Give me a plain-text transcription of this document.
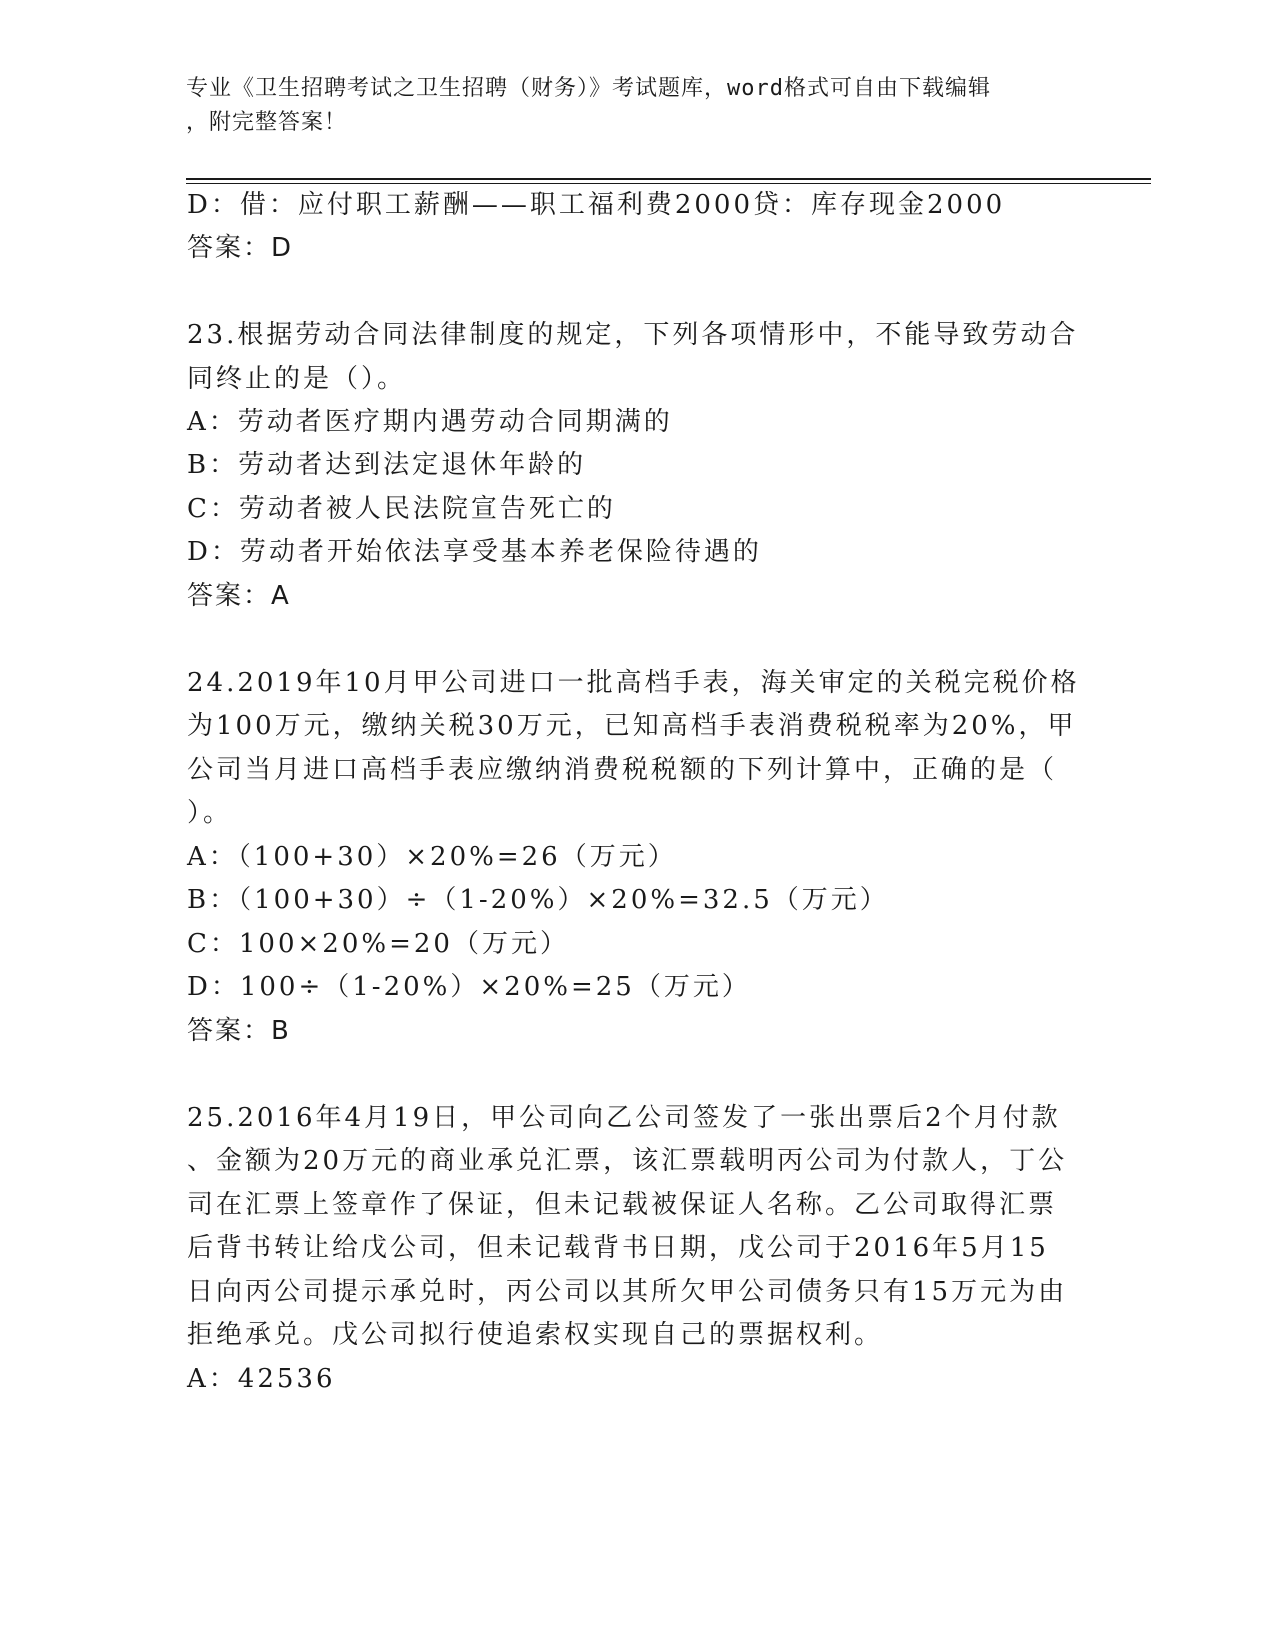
专业《卫生招聘考试之卫生招聘（财务）》考试题库，word格式可自由下载编辑
，附完整答案！
D：借：应付职工薪酬——职工福利费2000贷：库存现金2000
答案：D
23.根据劳动合同法律制度的规定，下列各项情形中，不能导致劳动合
同终止的是（）。
A：劳动者医疗期内遇劳动合同期满的
B：劳动者达到法定退休年龄的
C：劳动者被人民法院宣告死亡的
D：劳动者开始依法享受基本养老保险待遇的
答案：A
24.2019年10月甲公司进口一批高档手表，海关审定的关税完税价格
为100万元，缴纳关税30万元，已知高档手表消费税税率为20%，甲
公司当月进口高档手表应缴纳消费税税额的下列计算中，正确的是（
）。
A：（100+30）×20%=26（万元）
B：（100+30）÷（1-20%）×20%=32.5（万元）
C：100×20%=20（万元）
D：100÷（1-20%）×20%=25（万元）
答案：B
25.2016年4月19日，甲公司向乙公司签发了一张出票后2个月付款
、金额为20万元的商业承兑汇票，该汇票载明丙公司为付款人，丁公
司在汇票上签章作了保证，但未记载被保证人名称。乙公司取得汇票
后背书转让给戊公司，但未记载背书日期，戊公司于2016年5月15
日向丙公司提示承兑时，丙公司以其所欠甲公司债务只有15万元为由
拒绝承兑。戊公司拟行使追索权实现自己的票据权利。
A：42536
